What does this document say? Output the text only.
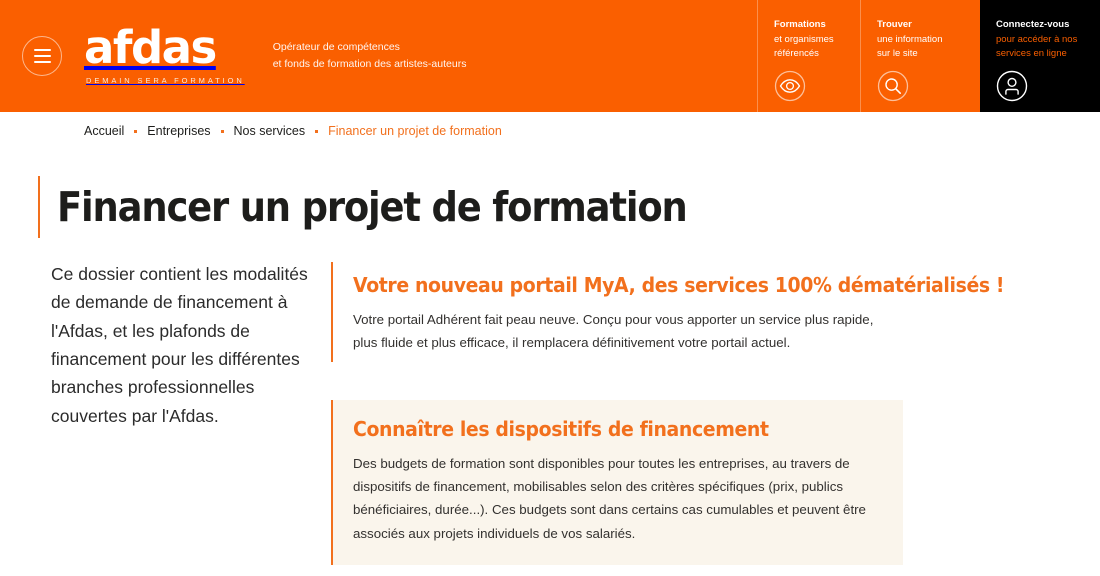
afdas
DEMAIN SERA FORMATION
Opérateur de compétences
et fonds de formation des artistes-auteurs
Formations
et organismes
référencés
Trouver
une information
sur le site
Connectez-vous
pour accéder à nos
services en ligne
Accueil Entreprises Nos services Financer un projet de formation
Financer un projet de formation

Ce dossier contient les modalités de demande de financement à l'Afdas, et les plafonds de financement pour les différentes branches professionnelles couvertes par l'Afdas.

Votre nouveau portail MyA, des services 100% dématérialisés !
Votre portail Adhérent fait peau neuve. Conçu pour vous apporter un service plus rapide, plus fluide et plus efficace, il remplacera définitivement votre portail actuel.
Connaître les dispositifs de financement
Des budgets de formation sont disponibles pour toutes les entreprises, au travers de dispositifs de financement, mobilisables selon des critères spécifiques (prix, publics bénéficiaires, durée...). Ces budgets sont dans certains cas cumulables et peuvent être associés aux projets individuels de vos salariés.
